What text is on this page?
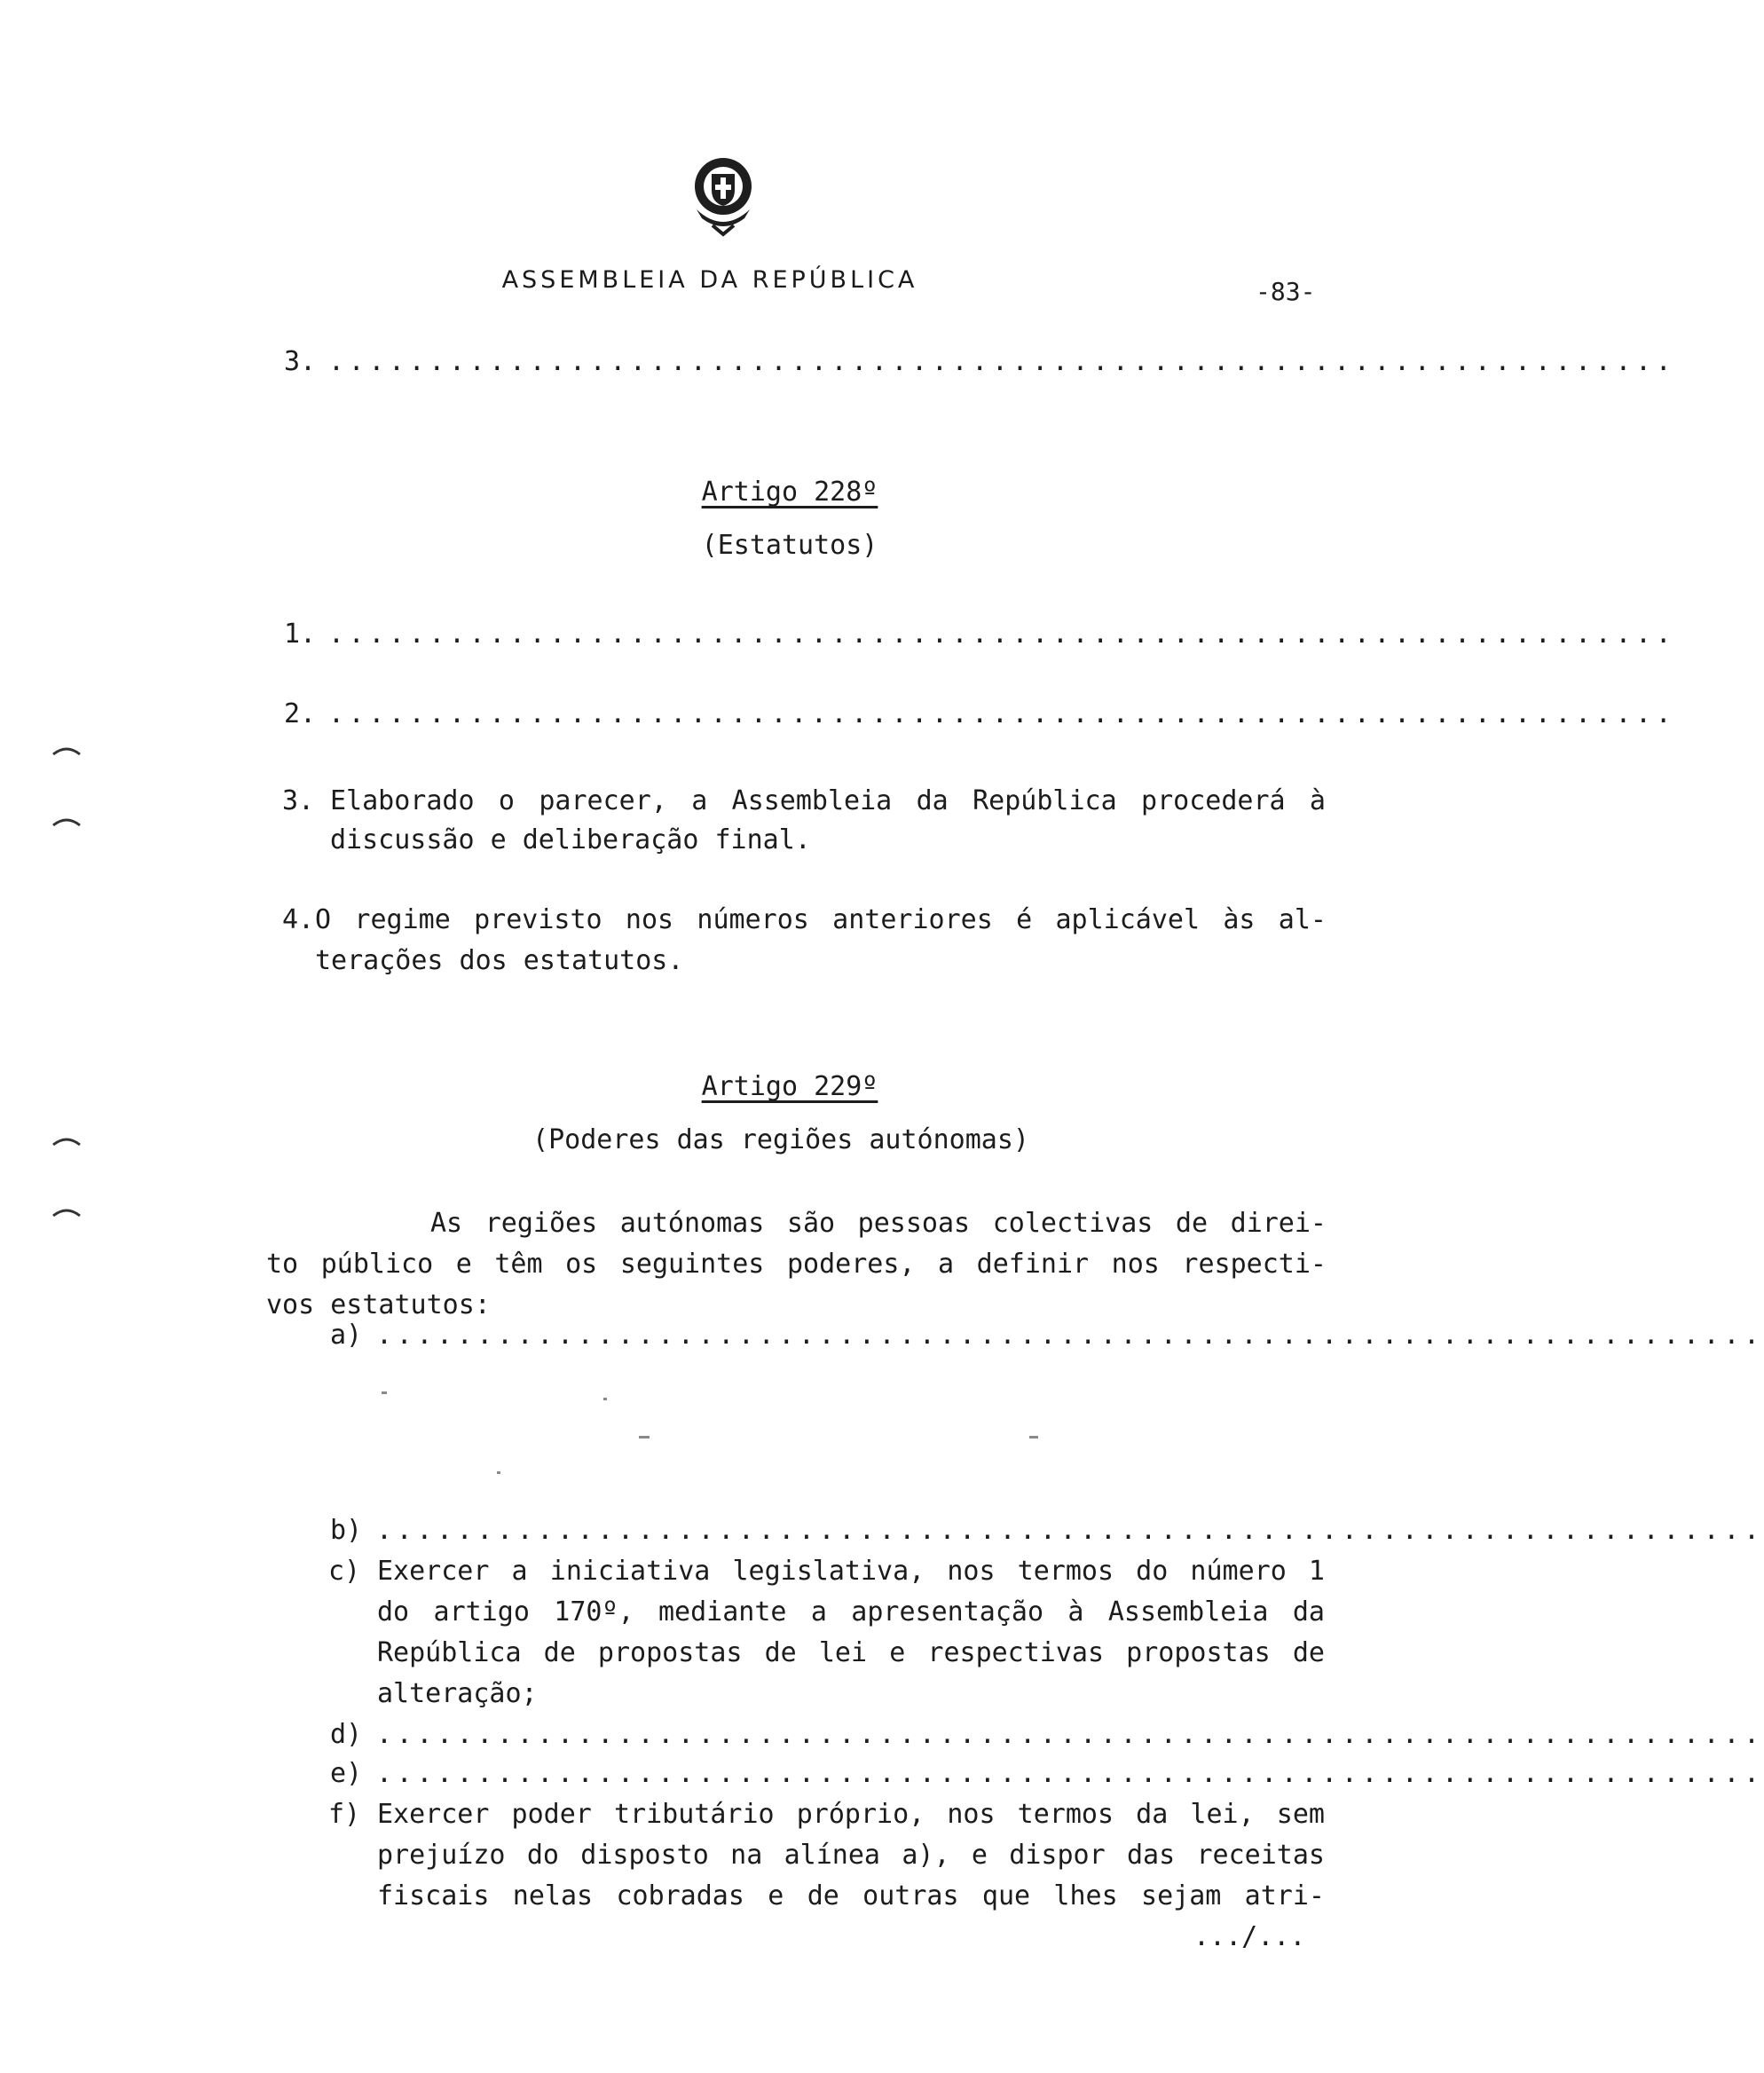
ASSEMBLEIA DA REPÚBLICA	-83-
3. ...................................................................
Artigo 228º
(Estatutos)
1. ...................................................................
2. ...................................................................
3. Elaborado o parecer, a Assembleia da República procederá à
discussão e deliberação final.
4. O regime previsto nos números anteriores é aplicável às al-
terações dos estatutos.
Artigo 229º
(Poderes das regiões autónomas)
As regiões autónomas são pessoas colectivas de direi-
to público e têm os seguintes poderes, a definir nos respecti-
vos estatutos:
a) .....................................................................
b) .....................................................................
c) Exercer a iniciativa legislativa, nos termos do número 1
do artigo 170º, mediante a apresentação à Assembleia da
República de propostas de lei e respectivas propostas de
alteração;
d) .....................................................................
e) .....................................................................
f) Exercer poder tributário próprio, nos termos da lei, sem
prejuízo do disposto na alínea a), e dispor das receitas
fiscais nelas cobradas e de outras que lhes sejam atri-
.../...
